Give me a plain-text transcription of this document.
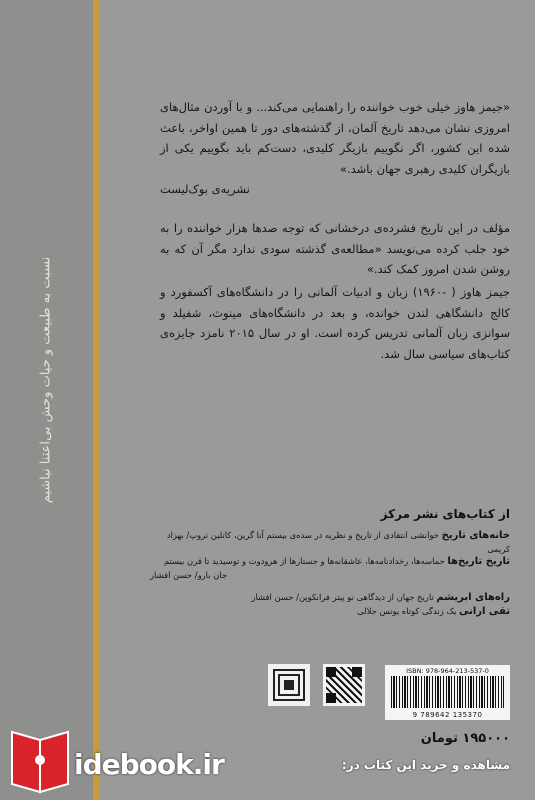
نسبت به طبیعت و حیات وحش بی‌اعتنا نباشیم
«جیمز هاوز خیلی خوب خواننده را راهنمایی می‌کند... و با آوردن مثال‌های امروزی نشان می‌دهد تاریخ آلمان، از گذشته‌های دور تا همین اواخر، باعث شده این کشور، اگر نگوییم بازیگر کلیدی، دست‌کم باید بگوییم یکی از بازیگران کلیدی رهبری جهان باشد.»
نشریه‌ی بوک‌لیست
مؤلف در این تاریخ فشرده‌ی درخشانی که توجه صدها هزار خواننده را به خود جلب کرده می‌نویسد «مطالعه‌ی گذشته سودی ندارد مگر آن که به روشن شدن امروز کمک کند.»
جیمز هاوز ( -۱۹۶۰) زبان و ادبیات آلمانی را در دانشگاه‌های آکسفورد و کالج دانشگاهی لندن خوانده، و بعد در دانشگاه‌های مینوث، شفیلد و سوانزی زبان آلمانی تدریس کرده است. او در سال ۲۰۱۵ نامزد جایزه‌ی کتاب‌های سیاسی سال شد.
از کتاب‌های نشر مرکز
خانه‌های تاریخ خوانشی انتقادی از تاریخ و نظریه در سده‌ی بیستم آنا گرین، کاتلین تروپ/ بهزاد کریمی
تاریخ تاریخ‌ها حماسه‌ها، رخدادنامه‌ها، عاشقانه‌ها و جستارها از هرودوت و توسیدید تا قرن بیستم
جان بارو/ حسن افشار
راه‌های ابریشم تاریخ جهان از دیدگاهی نو پیتر فرانکوپن/ حسن افشار
تقی ارانی یک زندگی کوتاه یونس جلالی
ISBN: 978-964-213-537-0
9 789642 135370
۱۹۵۰۰۰ تومان
idebook.ir	مشاهده و خرید این کتاب در:
